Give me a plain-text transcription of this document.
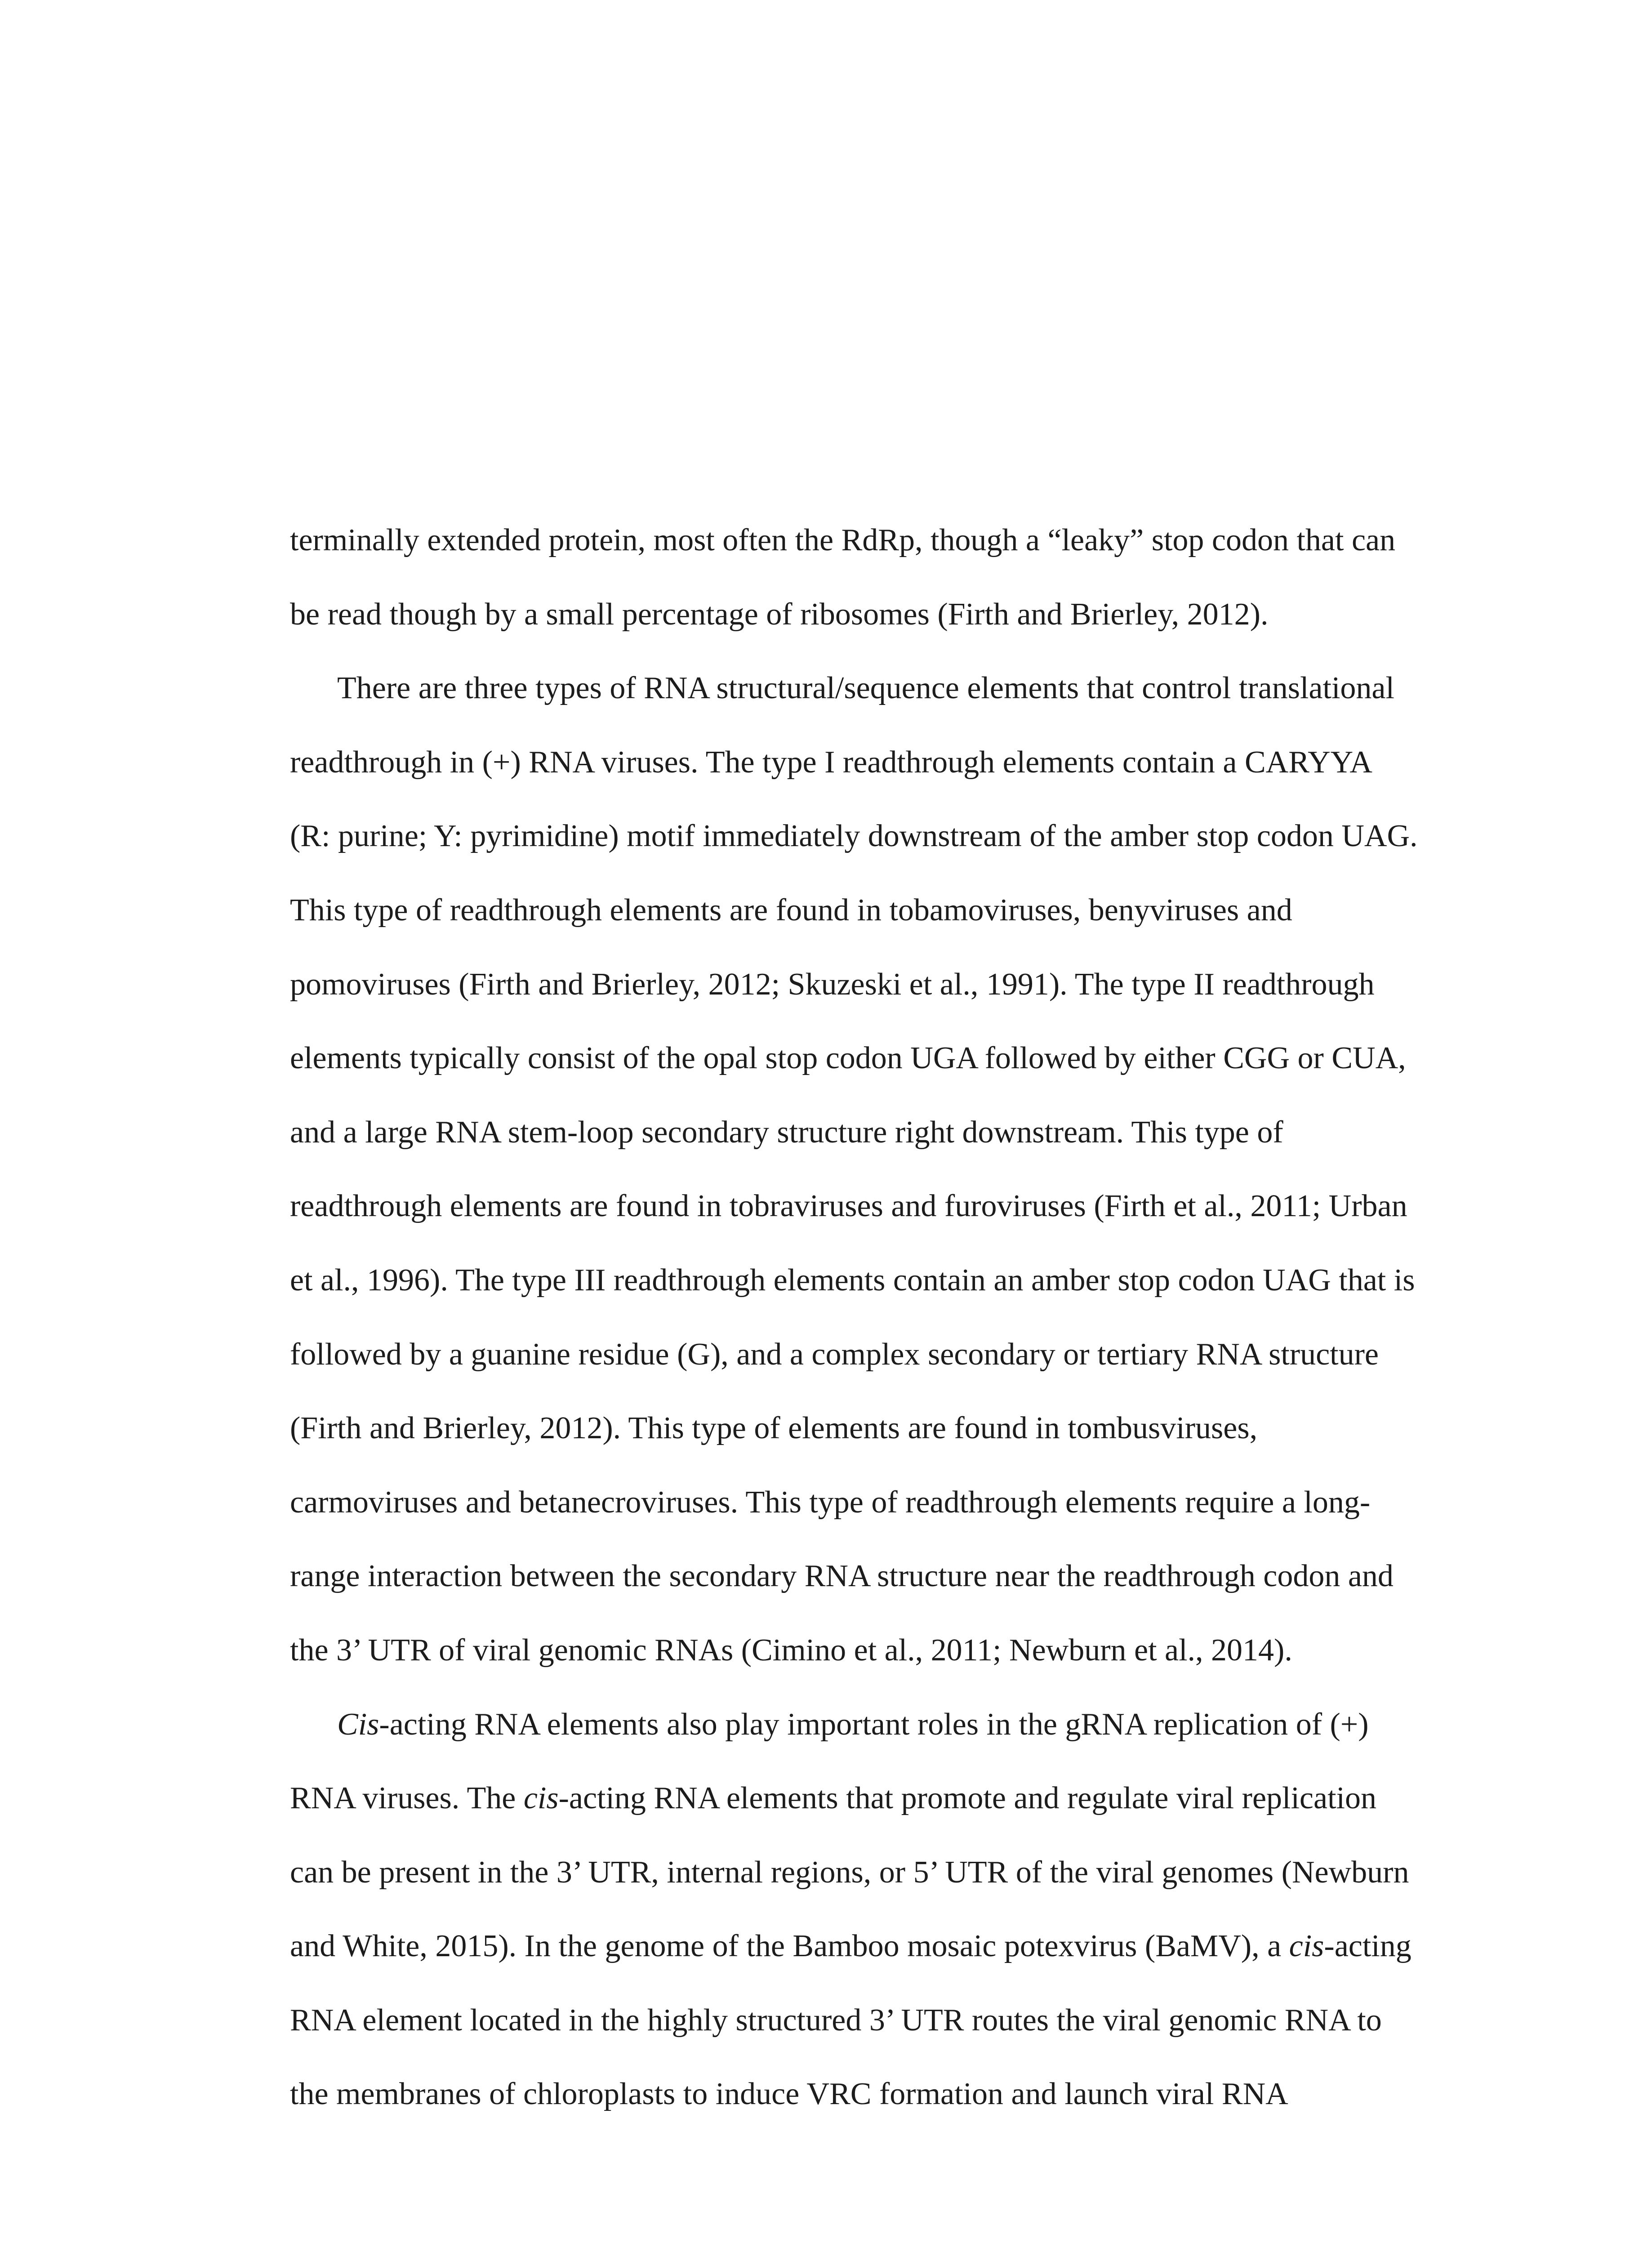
terminally extended protein, most often the RdRp, though a “leaky” stop codon that can
be read though by a small percentage of ribosomes (Firth and Brierley, 2012).
There are three types of RNA structural/sequence elements that control translational
readthrough in (+) RNA viruses. The type I readthrough elements contain a CARYYA
(R: purine; Y: pyrimidine) motif immediately downstream of the amber stop codon UAG.
This type of readthrough elements are found in tobamoviruses, benyviruses and
pomoviruses (Firth and Brierley, 2012; Skuzeski et al., 1991). The type II readthrough
elements typically consist of the opal stop codon UGA followed by either CGG or CUA,
and a large RNA stem-loop secondary structure right downstream. This type of
readthrough elements are found in tobraviruses and furoviruses (Firth et al., 2011; Urban
et al., 1996). The type III readthrough elements contain an amber stop codon UAG that is
followed by a guanine residue (G), and a complex secondary or tertiary RNA structure
(Firth and Brierley, 2012). This type of elements are found in tombusviruses,
carmoviruses and betanecroviruses. This type of readthrough elements require a long-
range interaction between the secondary RNA structure near the readthrough codon and
the 3’ UTR of viral genomic RNAs (Cimino et al., 2011; Newburn et al., 2014).
Cis-acting RNA elements also play important roles in the gRNA replication of (+)
RNA viruses. The cis-acting RNA elements that promote and regulate viral replication
can be present in the 3’ UTR, internal regions, or 5’ UTR of the viral genomes (Newburn
and White, 2015). In the genome of the Bamboo mosaic potexvirus (BaMV), a cis-acting
RNA element located in the highly structured 3’ UTR routes the viral genomic RNA to
the membranes of chloroplasts to induce VRC formation and launch viral RNA
